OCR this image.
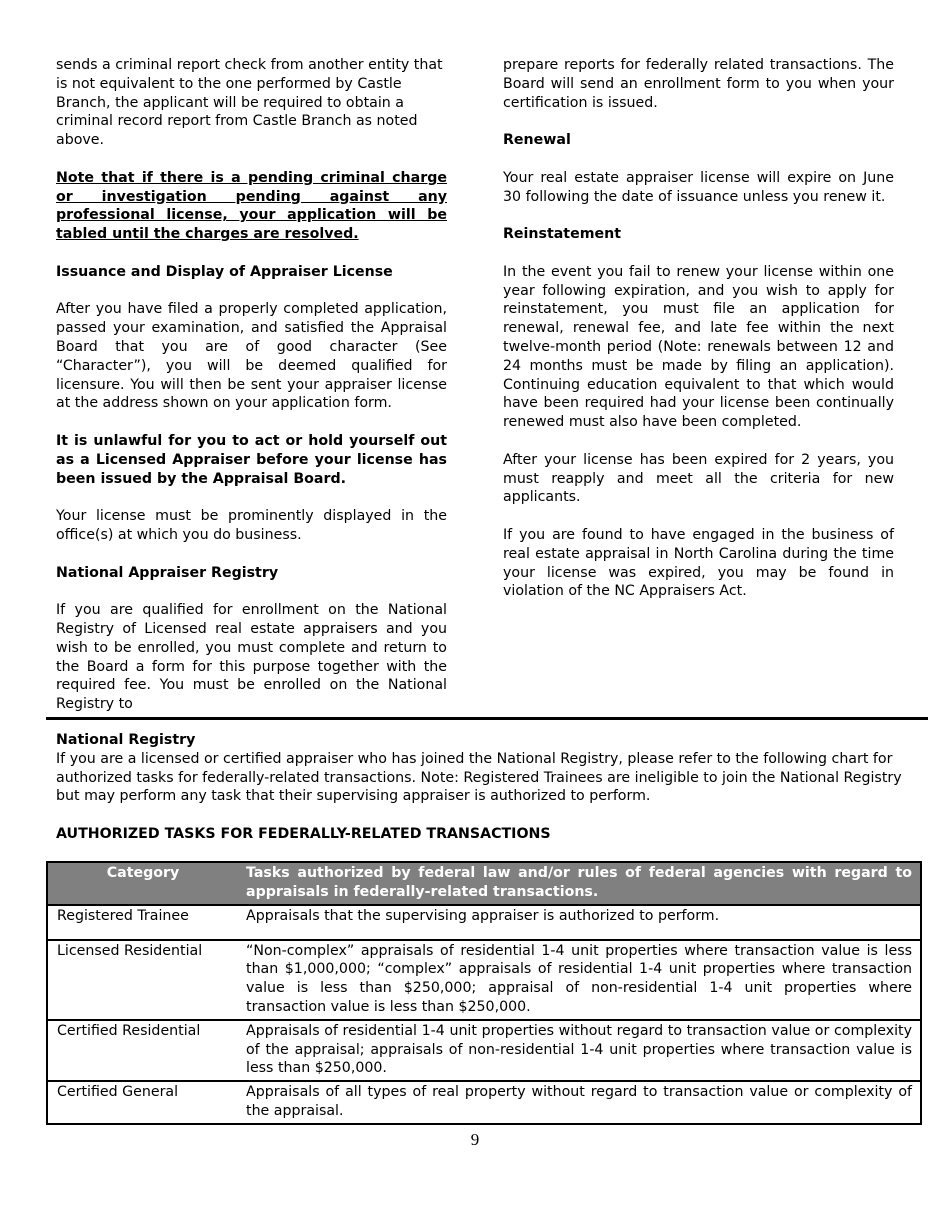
sends a criminal report check from another entity that is not equivalent to the one performed by Castle Branch, the applicant will be required to obtain a criminal record report from Castle Branch as noted above.

Note that if there is a pending criminal charge or investigation pending against any professional license, your application will be tabled until the charges are resolved.

Issuance and Display of Appraiser License

After you have filed a properly completed application, passed your examination, and satisfied the Appraisal Board that you are of good character (See “Character”), you will be deemed qualified for licensure. You will then be sent your appraiser license at the address shown on your application form.

It is unlawful for you to act or hold yourself out as a Licensed Appraiser before your license has been issued by the Appraisal Board.

Your license must be prominently displayed in the office(s) at which you do business.

National Appraiser Registry

If you are qualified for enrollment on the National Registry of Licensed real estate appraisers and you wish to be enrolled, you must complete and return to the Board a form for this purpose together with the required fee. You must be enrolled on the National Registry to

prepare reports for federally related transactions. The Board will send an enrollment form to you when your certification is issued.

Renewal

Your real estate appraiser license will expire on June 30 following the date of issuance unless you renew it.

Reinstatement

In the event you fail to renew your license within one year following expiration, and you wish to apply for reinstatement, you must file an application for renewal, renewal fee, and late fee within the next twelve-month period (Note: renewals between 12 and 24 months must be made by filing an application). Continuing education equivalent to that which would have been required had your license been continually renewed must also have been completed.

After your license has been expired for 2 years, you must reapply and meet all the criteria for new applicants.

If you are found to have engaged in the business of real estate appraisal in North Carolina during the time your license was expired, you may be found in violation of the NC Appraisers Act.

National Registry

If you are a licensed or certified appraiser who has joined the National Registry, please refer to the following chart for authorized tasks for federally-related transactions. Note: Registered Trainees are ineligible to join the National Registry but may perform any task that their supervising appraiser is authorized to perform.

AUTHORIZED TASKS FOR FEDERALLY-RELATED TRANSACTIONS
Category	Tasks authorized by federal law and/or rules of federal agencies with regard to appraisals in federally-related transactions.
Registered Trainee	Appraisals that the supervising appraiser is authorized to perform.
Licensed Residential	“Non-complex” appraisals of residential 1-4 unit properties where transaction value is less than $1,000,000; “complex” appraisals of residential 1-4 unit properties where transaction value is less than $250,000; appraisal of non-residential 1-4 unit properties where transaction value is less than $250,000.
Certified Residential	Appraisals of residential 1-4 unit properties without regard to transaction value or complexity of the appraisal; appraisals of non-residential 1-4 unit properties where transaction value is less than $250,000.
Certified General	Appraisals of all types of real property without regard to transaction value or complexity of the appraisal.
9
